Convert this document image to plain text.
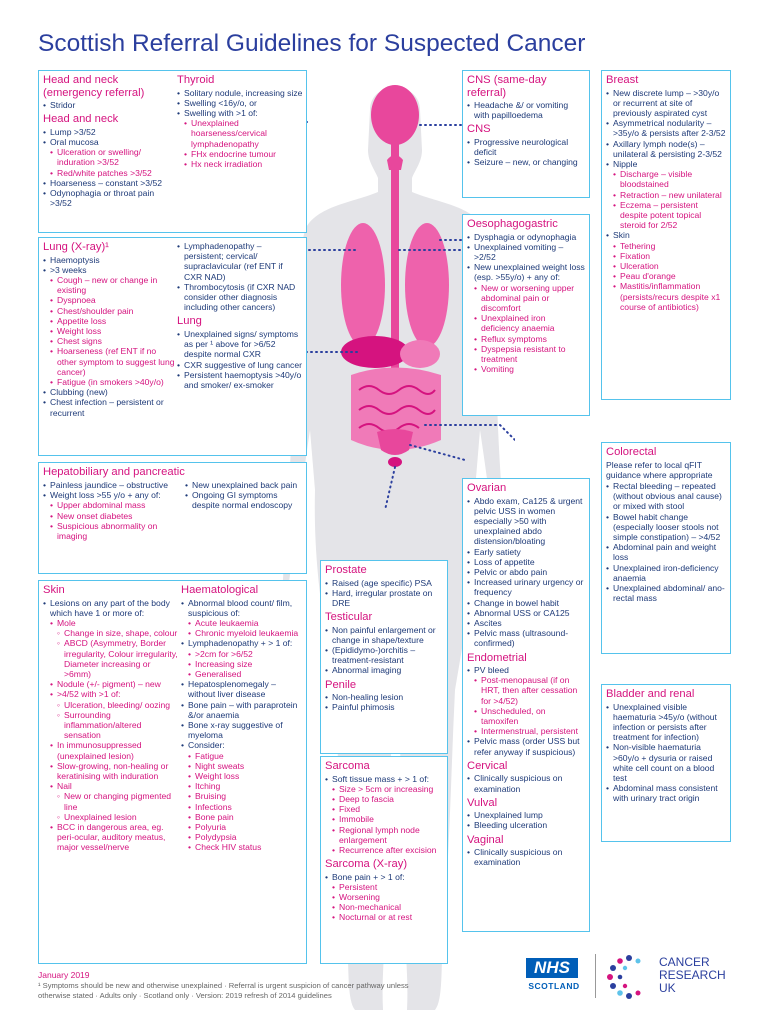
Scottish Referral Guidelines for Suspected Cancer
Head and neck (emergency referral)
• Stridor
Head and neck
• Lump >3/52
• Oral mucosa
• Ulceration or swelling/ induration >3/52
• Red/white patches >3/52
• Hoarseness – constant >3/52
• Odynophagia or throat pain >3/52
Thyroid
• Solitary nodule, increasing size
• Swelling <16y/o, or
• Swelling with >1 of:
• Unexplained hoarseness/cervical lymphadenopathy
• FHx endocrine tumour
• Hx neck irradiation
CNS (same-day referral)
• Headache &/ or vomiting with papilloedema
CNS
• Progressive neurological deficit
• Seizure – new, or changing
Breast
• New discrete lump – >30y/o or recurrent at site of previously aspirated cyst
• Asymmetrical nodularity – >35y/o & persists after 2-3/52
• Axillary lymph node(s) – unilateral & persisting 2-3/52
• Nipple
• Discharge – visible bloodstained
• Retraction – new unilateral
• Eczema – persistent despite potent topical steroid for 2/52
• Skin
• Tethering
• Fixation
• Ulceration
• Peau d'orange
• Mastitis/inflammation (persists/recurs despite x1 course of antibiotics)
Lung (X-ray)¹
• Haemoptysis
• >3 weeks
• Cough – new or change in existing
• Dyspnoea
• Chest/shoulder pain
• Appetite loss
• Weight loss
• Chest signs
• Hoarseness (ref ENT if no other symptom to suggest lung cancer)
• Fatigue (in smokers >40y/o)
• Clubbing (new)
• Chest infection – persistent or recurrent
• Lymphadenopathy – persistent; cervical/ supraclavicular (ref ENT if CXR NAD)
• Thrombocytosis (if CXR NAD consider other diagnosis including other cancers)
Lung
• Unexplained signs/ symptoms as per ¹ above for >6/52 despite normal CXR
• CXR suggestive of lung cancer
• Persistent haemoptysis >40y/o and smoker/ ex-smoker
Oesophagogastric
• Dysphagia or odynophagia
• Unexplained vomiting – >2/52
• New unexplained weight loss (esp. >55y/o) + any of:
• New or worsening upper abdominal pain or discomfort
• Unexplained iron deficiency anaemia
• Reflux symptoms
• Dyspepsia resistant to treatment
• Vomiting
Colorectal
Please refer to local qFIT guidance where appropriate
• Rectal bleeding – repeated (without obvious anal cause) or mixed with stool
• Bowel habit change (especially looser stools not simple constipation) – >4/52
• Abdominal pain and weight loss
• Unexplained iron-deficiency anaemia
• Unexplained abdominal/ ano-rectal mass
Hepatobiliary and pancreatic
• Painless jaundice – obstructive
• Weight loss >55 y/o + any of:
• Upper abdominal mass
• New onset diabetes
• Suspicious abnormality on imaging
• New unexplained back pain
• Ongoing GI symptoms despite normal endoscopy
Ovarian
• Abdo exam, Ca125 & urgent pelvic USS in women especially >50 with unexplained abdo distension/bloating
• Early satiety
• Loss of appetite
• Pelvic or abdo pain
• Increased urinary urgency or frequency
• Change in bowel habit
• Abnormal USS or CA125
• Ascites
• Pelvic mass (ultrasound-confirmed)
Endometrial
• PV bleed
• Post-menopausal (if on HRT, then after cessation for >4/52)
• Unscheduled, on tamoxifen
• Intermenstrual, persistent
• Pelvic mass (order USS but refer anyway if suspicious)
Cervical
• Clinically suspicious on examination
Vulval
• Unexplained lump
• Bleeding ulceration
Vaginal
• Clinically suspicious on examination
Bladder and renal
• Unexplained visible haematuria >45y/o (without infection or persists after treatment for infection)
• Non-visible haematuria >60y/o + dysuria or raised white cell count on a blood test
• Abdominal mass consistent with urinary tract origin
Prostate
• Raised (age specific) PSA
• Hard, irregular prostate on DRE
Testicular
• Non painful enlargement or change in shape/texture
• (Epididymo-)orchitis – treatment-resistant
• Abnormal imaging
Penile
• Non-healing lesion
• Painful phimosis
Sarcoma
• Soft tissue mass + > 1 of:
• Size > 5cm or increasing
• Deep to fascia
• Fixed
• Immobile
• Regional lymph node enlargement
• Recurrence after excision
Sarcoma (X-ray)
• Bone pain + > 1 of:
• Persistent
• Worsening
• Non-mechanical
• Nocturnal or at rest
Skin
• Lesions on any part of the body which have 1 or more of:
• Mole
◦ Change in size, shape, colour
◦ ABCD (Asymmetry, Border irregularity, Colour irregularity, Diameter increasing or >6mm)
• Nodule (+/- pigment) – new
• >4/52 with >1 of:
◦ Ulceration, bleeding/ oozing
◦ Surrounding inflammation/altered sensation
• In immunosuppressed (unexplained lesion)
• Slow-growing, non-healing or keratinising with induration
• Nail
◦ New or changing pigmented line
◦ Unexplained lesion
• BCC in dangerous area, eg. peri-ocular, auditory meatus, major vessel/nerve
Haematological
• Abnormal blood count/ film, suspicious of:
• Acute leukaemia
• Chronic myeloid leukaemia
• Lymphadenopathy + > 1 of:
• >2cm for >6/52
• Increasing size
• Generalised
• Hepatosplenomegaly – without liver disease
• Bone pain – with paraprotein &/or anaemia
• Bone x-ray suggestive of myeloma
• Consider:
• Fatigue
• Night sweats
• Weight loss
• Itching
• Bruising
• Infections
• Bone pain
• Polyuria
• Polydypsia
• Check HIV status
January 2019
¹ Symptoms should be new and otherwise unexplained · Referral is urgent suspicion of cancer pathway unless otherwise stated · Adults only · Scotland only · Version: 2019 refresh of 2014 guidelines
NHS
SCOTLAND
CANCER
RESEARCH
UK
